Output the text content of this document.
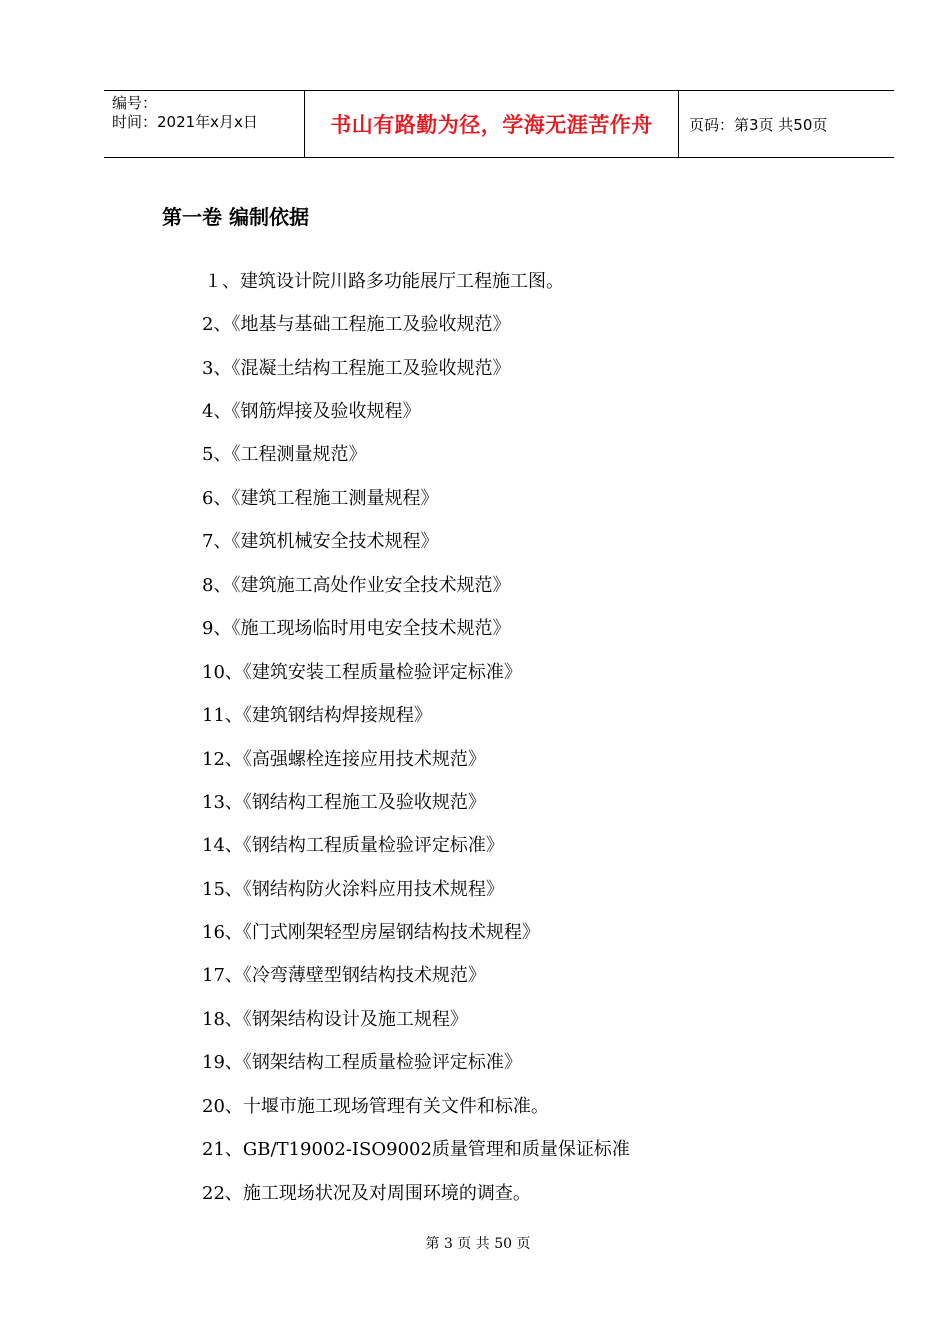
编号：
时间：2021年x月x日	书山有路勤为径，学海无涯苦作舟 页码：第3页 共50页
第一卷 编制依据
１、建筑设计院川路多功能展厅工程施工图。
2、《地基与基础工程施工及验收规范》
3、《混凝土结构工程施工及验收规范》
4、《钢筋焊接及验收规程》
5、《工程测量规范》
6、《建筑工程施工测量规程》
7、《建筑机械安全技术规程》
8、《建筑施工高处作业安全技术规范》
9、《施工现场临时用电安全技术规范》
10、《建筑安装工程质量检验评定标准》
11、《建筑钢结构焊接规程》
12、《高强螺栓连接应用技术规范》
13、《钢结构工程施工及验收规范》
14、《钢结构工程质量检验评定标准》
15、《钢结构防火涂料应用技术规程》
16、《门式刚架轻型房屋钢结构技术规程》
17、《冷弯薄壁型钢结构技术规范》
18、《钢架结构设计及施工规程》
19、《钢架结构工程质量检验评定标准》
20、十堰市施工现场管理有关文件和标准。
21、GB/T19002-ISO9002质量管理和质量保证标准
22、施工现场状况及对周围环境的调查。
第 3 页 共 50 页
